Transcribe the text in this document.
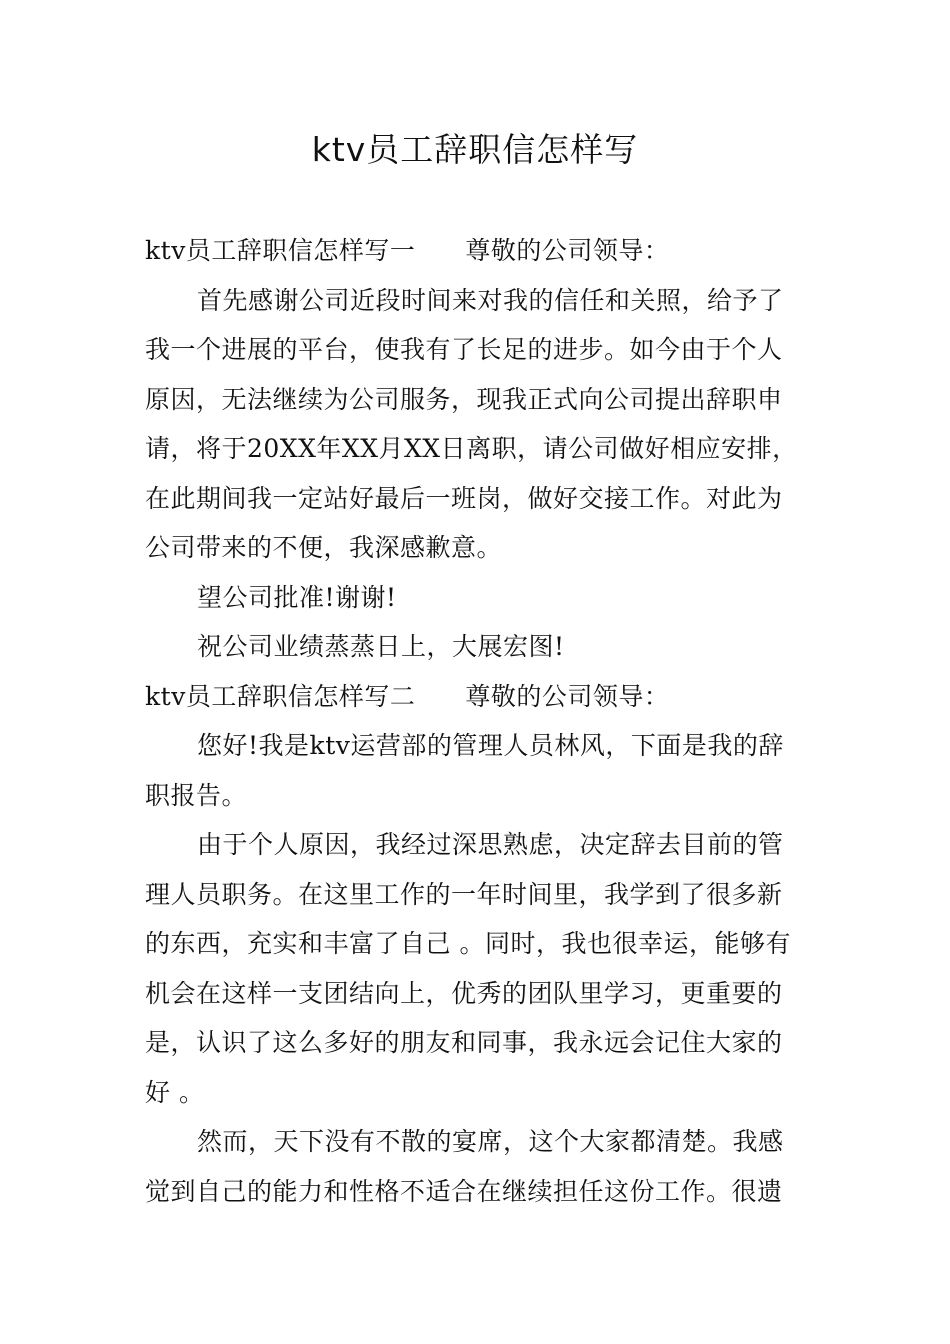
ktv员工辞职信怎样写
ktv员工辞职信怎样写一 尊敬的公司领导：
首先感谢公司近段时间来对我的信任和关照，给予了
我一个进展的平台，使我有了长足的进步。如今由于个人
原因，无法继续为公司服务，现我正式向公司提出辞职申
请，将于20XX年XX月XX日离职，请公司做好相应安排，
在此期间我一定站好最后一班岗，做好交接工作。对此为
公司带来的不便，我深感歉意。
望公司批准!谢谢!
祝公司业绩蒸蒸日上，大展宏图!
ktv员工辞职信怎样写二 尊敬的公司领导：
您好!我是ktv运营部的管理人员林风，下面是我的辞
职报告。
由于个人原因，我经过深思熟虑，决定辞去目前的管
理人员职务。在这里工作的一年时间里，我学到了很多新
的东西，充实和丰富了自己 。同时，我也很幸运，能够有
机会在这样一支团结向上，优秀的团队里学习，更重要的
是，认识了这么多好的朋友和同事，我永远会记住大家的
好 。
然而，天下没有不散的宴席，这个大家都清楚。我感
觉到自己的能力和性格不适合在继续担任这份工作。很遗
